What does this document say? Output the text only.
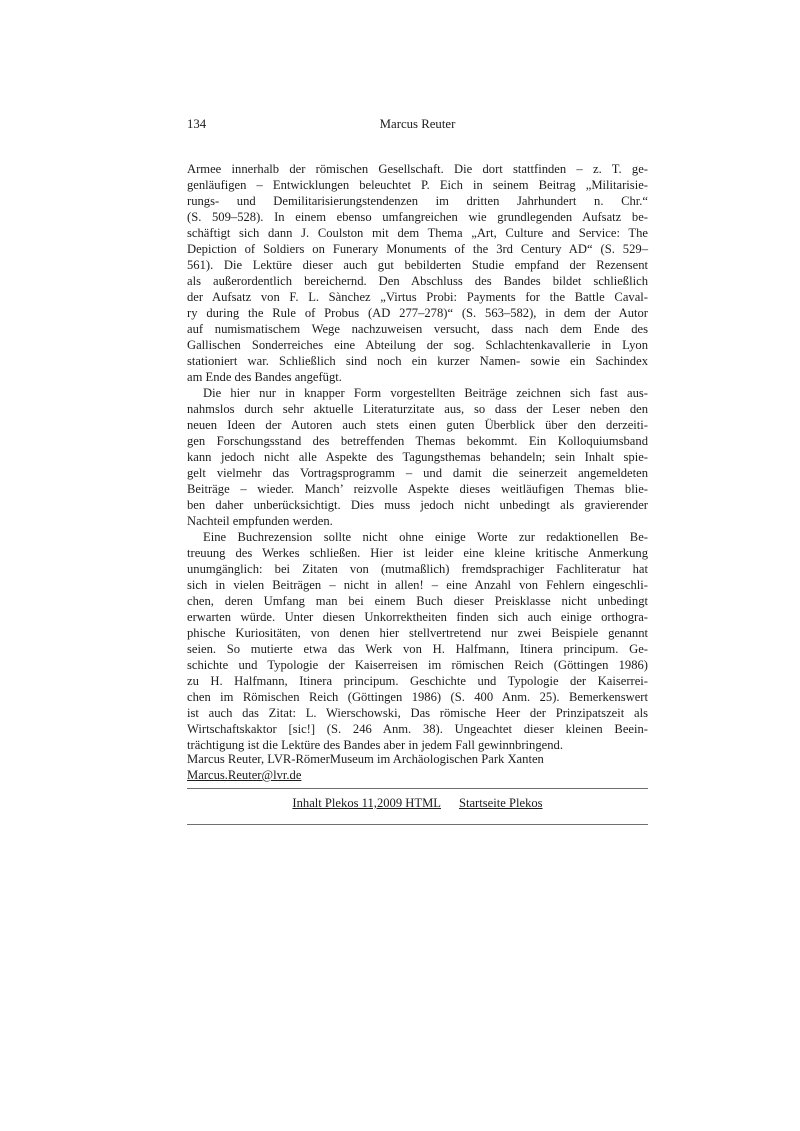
134	Marcus Reuter
Armee innerhalb der römischen Gesellschaft. Die dort stattfinden – z. T. ge-
genläufigen – Entwicklungen beleuchtet P. Eich in seinem Beitrag „Militarisie-
rungs- und Demilitarisierungstendenzen im dritten Jahrhundert n. Chr.“
(S. 509–528). In einem ebenso umfangreichen wie grundlegenden Aufsatz be-
schäftigt sich dann J. Coulston mit dem Thema „Art, Culture and Service: The
Depiction of Soldiers on Funerary Monuments of the 3rd Century AD“ (S. 529–
561). Die Lektüre dieser auch gut bebilderten Studie empfand der Rezensent
als außerordentlich bereichernd. Den Abschluss des Bandes bildet schließlich
der Aufsatz von F. L. Sànchez „Virtus Probi: Payments for the Battle Caval-
ry during the Rule of Probus (AD 277–278)“ (S. 563–582), in dem der Autor
auf numismatischem Wege nachzuweisen versucht, dass nach dem Ende des
Gallischen Sonderreiches eine Abteilung der sog. Schlachtenkavallerie in Lyon
stationiert war. Schließlich sind noch ein kurzer Namen- sowie ein Sachindex
am Ende des Bandes angefügt.
Die hier nur in knapper Form vorgestellten Beiträge zeichnen sich fast aus-
nahmslos durch sehr aktuelle Literaturzitate aus, so dass der Leser neben den
neuen Ideen der Autoren auch stets einen guten Überblick über den derzeiti-
gen Forschungsstand des betreffenden Themas bekommt. Ein Kolloquiumsband
kann jedoch nicht alle Aspekte des Tagungsthemas behandeln; sein Inhalt spie-
gelt vielmehr das Vortragsprogramm – und damit die seinerzeit angemeldeten
Beiträge – wieder. Manch’ reizvolle Aspekte dieses weitläufigen Themas blie-
ben daher unberücksichtigt. Dies muss jedoch nicht unbedingt als gravierender
Nachteil empfunden werden.
Eine Buchrezension sollte nicht ohne einige Worte zur redaktionellen Be-
treuung des Werkes schließen. Hier ist leider eine kleine kritische Anmerkung
unumgänglich: bei Zitaten von (mutmaßlich) fremdsprachiger Fachliteratur hat
sich in vielen Beiträgen – nicht in allen! – eine Anzahl von Fehlern eingeschli-
chen, deren Umfang man bei einem Buch dieser Preisklasse nicht unbedingt
erwarten würde. Unter diesen Unkorrektheiten finden sich auch einige orthogra-
phische Kuriositäten, von denen hier stellvertretend nur zwei Beispiele genannt
seien. So mutierte etwa das Werk von H. Halfmann, Itinera principum. Ge-
schichte und Typologie der Kaiserreisen im römischen Reich (Göttingen 1986)
zu H. Halfmann, Itinera principum. Geschichte und Typologie der Kaiserrei-
chen im Römischen Reich (Göttingen 1986) (S. 400 Anm. 25). Bemerkenswert
ist auch das Zitat: L. Wierschowski, Das römische Heer der Prinzipatszeit als
Wirtschaftskaktor [sic!] (S. 246 Anm. 38). Ungeachtet dieser kleinen Beein-
trächtigung ist die Lektüre des Bandes aber in jedem Fall gewinnbringend.
Marcus Reuter, LVR-RömerMuseum im Archäologischen Park Xanten
Marcus.Reuter@lvr.de
Inhalt Plekos 11,2009 HTML Startseite Plekos
